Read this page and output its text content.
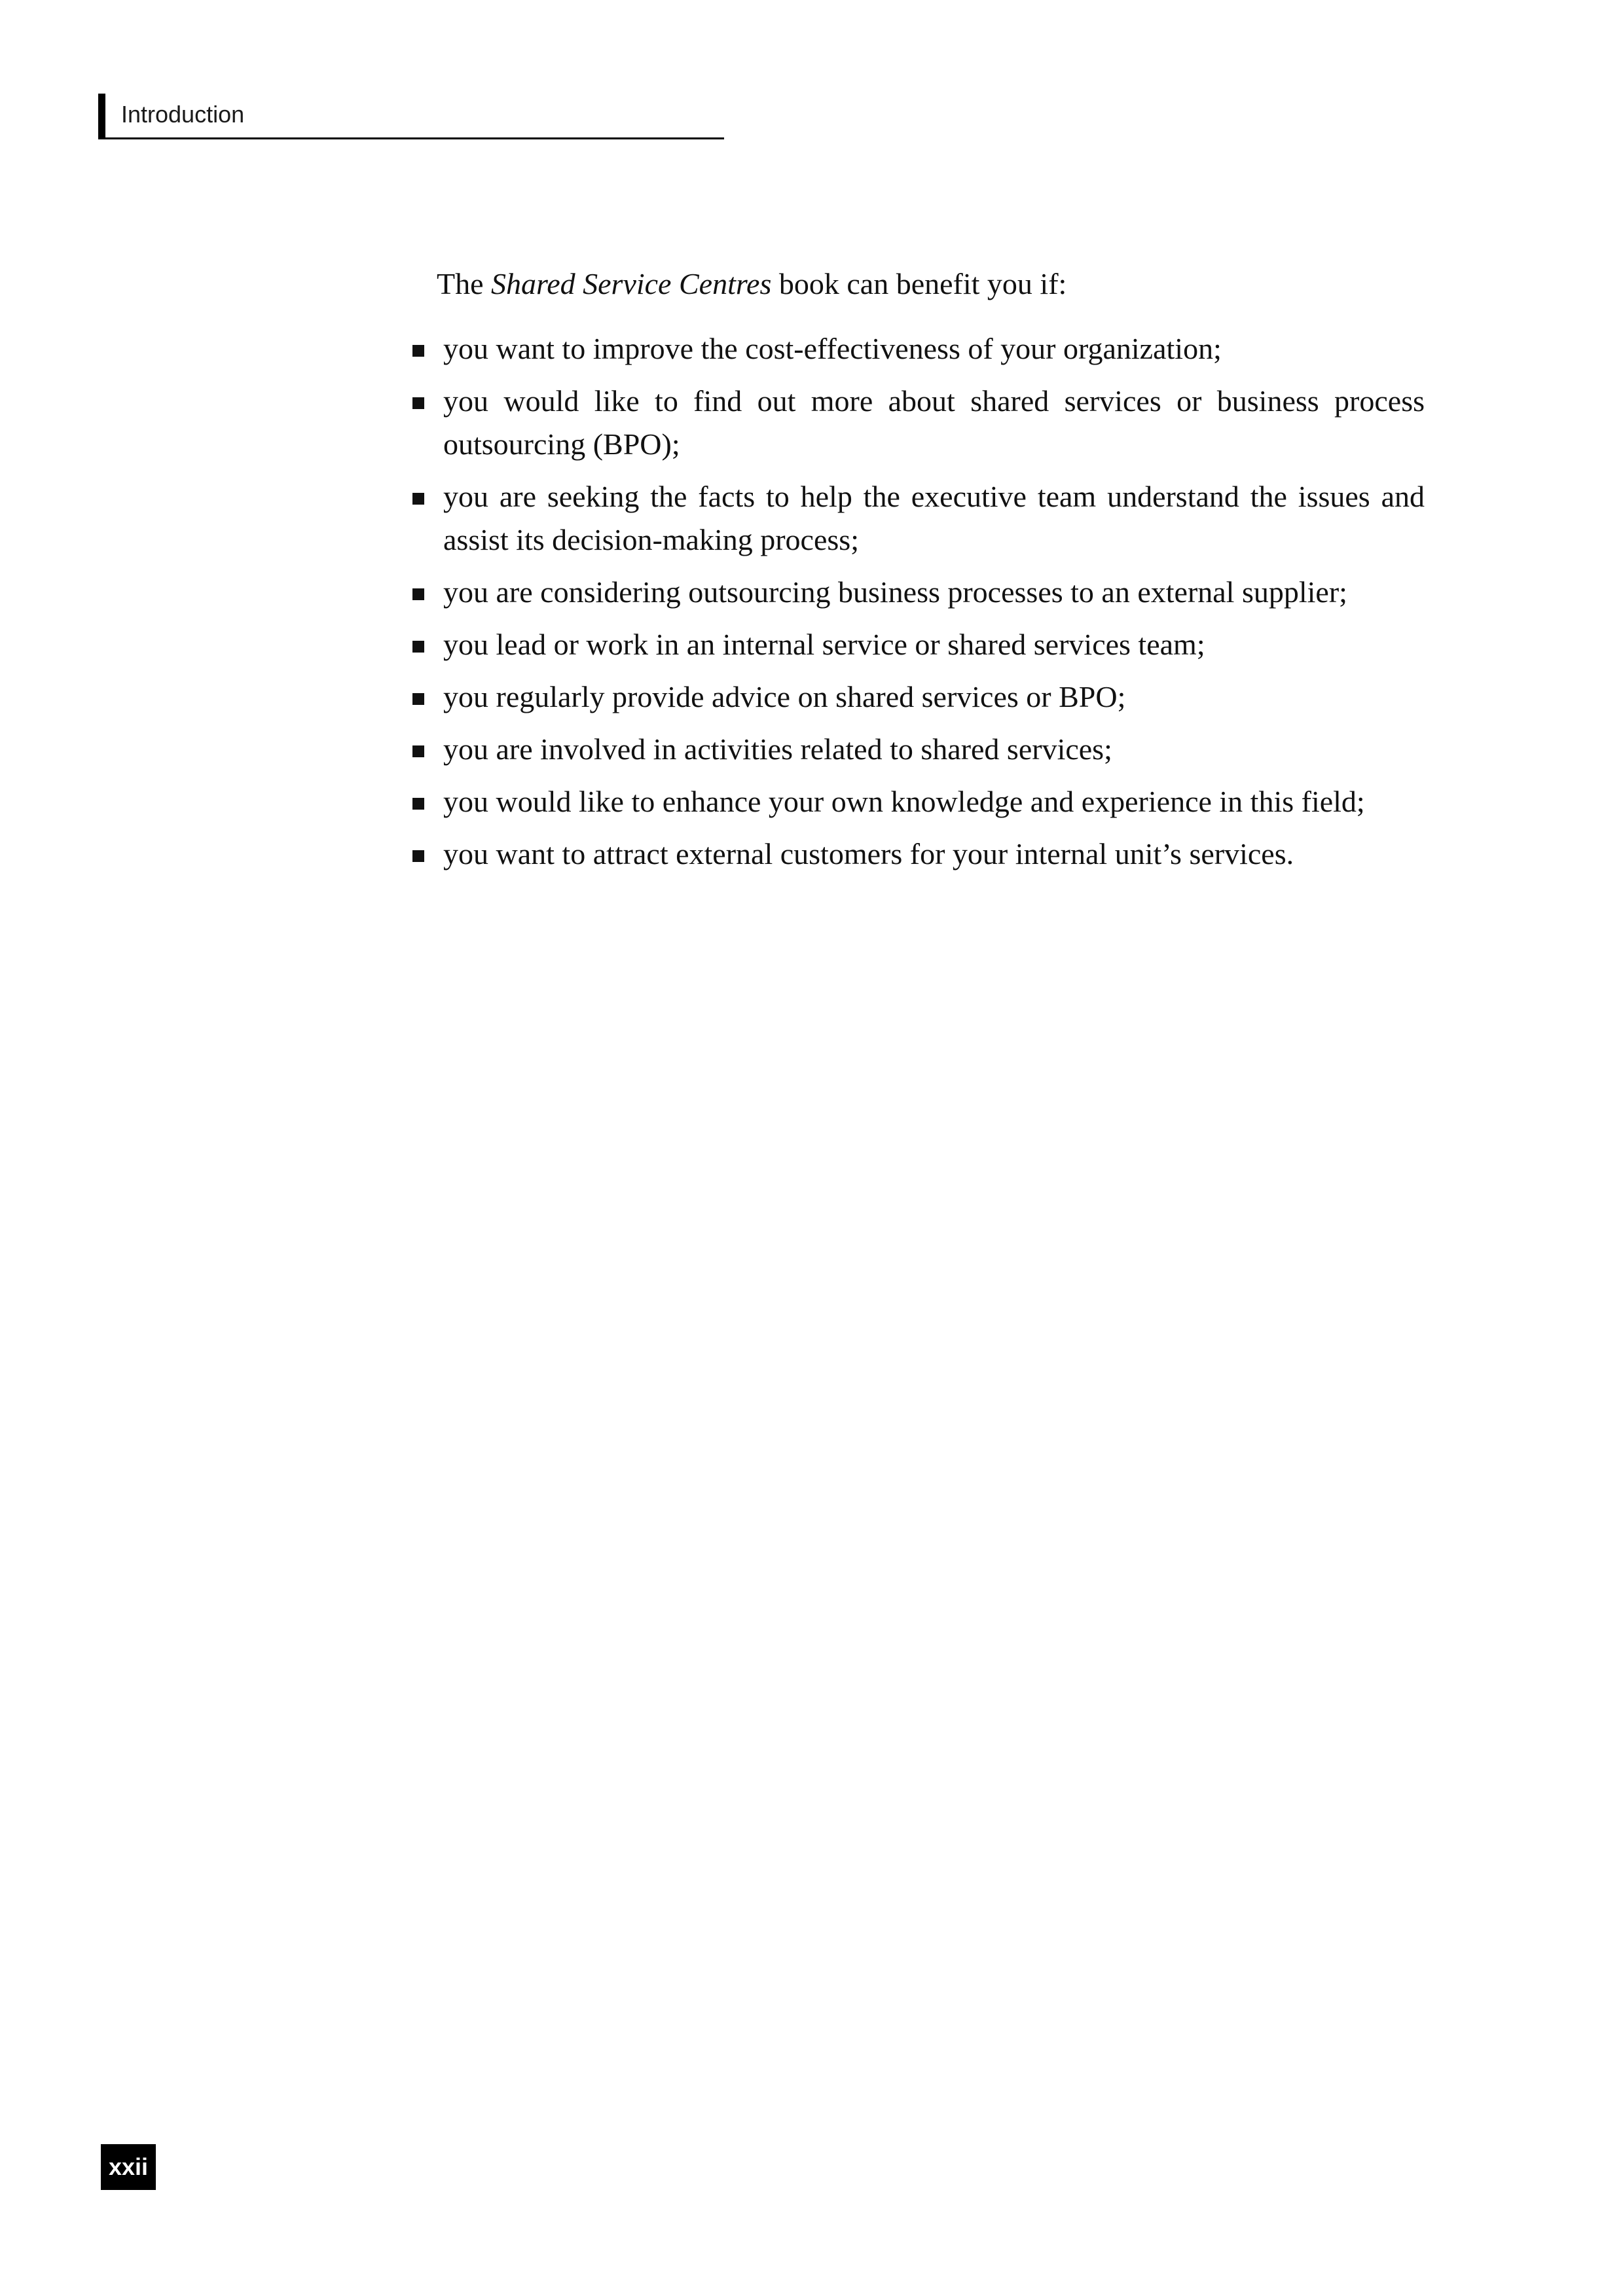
Introduction

The Shared Service Centres book can benefit you if:

you want to improve the cost-effectiveness of your organization;
you would like to find out more about shared services or business process outsourcing (BPO);
you are seeking the facts to help the executive team understand the issues and assist its decision-making process;
you are considering outsourcing business processes to an external supplier;
you lead or work in an internal service or shared services team;
you regularly provide advice on shared services or BPO;
you are involved in activities related to shared services;
you would like to enhance your own knowledge and experience in this field;
you want to attract external customers for your internal unit’s services.
xxii
